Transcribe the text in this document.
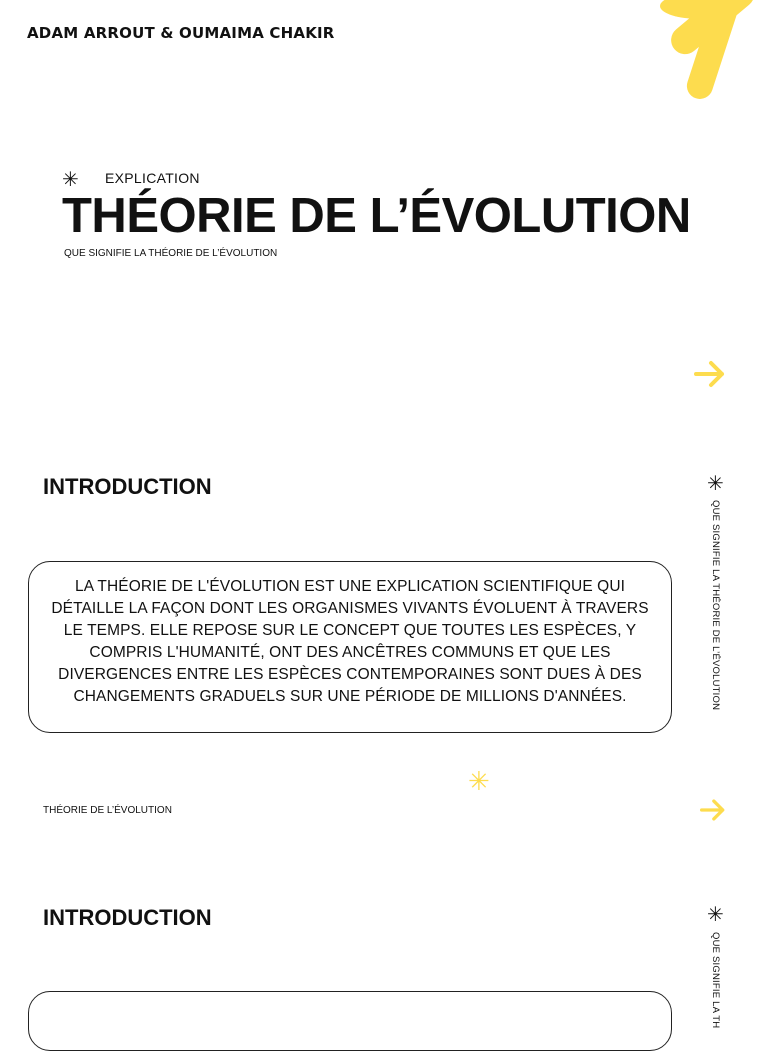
ADAM ARROUT & OUMAIMA CHAKIR
✳ EXPLICATION
THÉORIE DE L’ÉVOLUTION
QUE SIGNIFIE LA THÉORIE DE L’ÉVOLUTION
INTRODUCTION
LA THÉORIE DE L'ÉVOLUTION EST UNE EXPLICATION SCIENTIFIQUE QUI DÉTAILLE LA FAÇON DONT LES ORGANISMES VIVANTS ÉVOLUENT À TRAVERS LE TEMPS. ELLE REPOSE SUR LE CONCEPT QUE TOUTES LES ESPÈCES, Y COMPRIS L'HUMANITÉ, ONT DES ANCÊTRES COMMUNS ET QUE LES DIVERGENCES ENTRE LES ESPÈCES CONTEMPORAINES SONT DUES À DES CHANGEMENTS GRADUELS SUR UNE PÉRIODE DE MILLIONS D'ANNÉES.
✳
QUE SIGNIFIE LA THÉORIE DE L’ÉVOLUTION
✳
THÉORIE DE L’ÉVOLUTION
INTRODUCTION	✳
QUE SIGNIFIE LA TH
